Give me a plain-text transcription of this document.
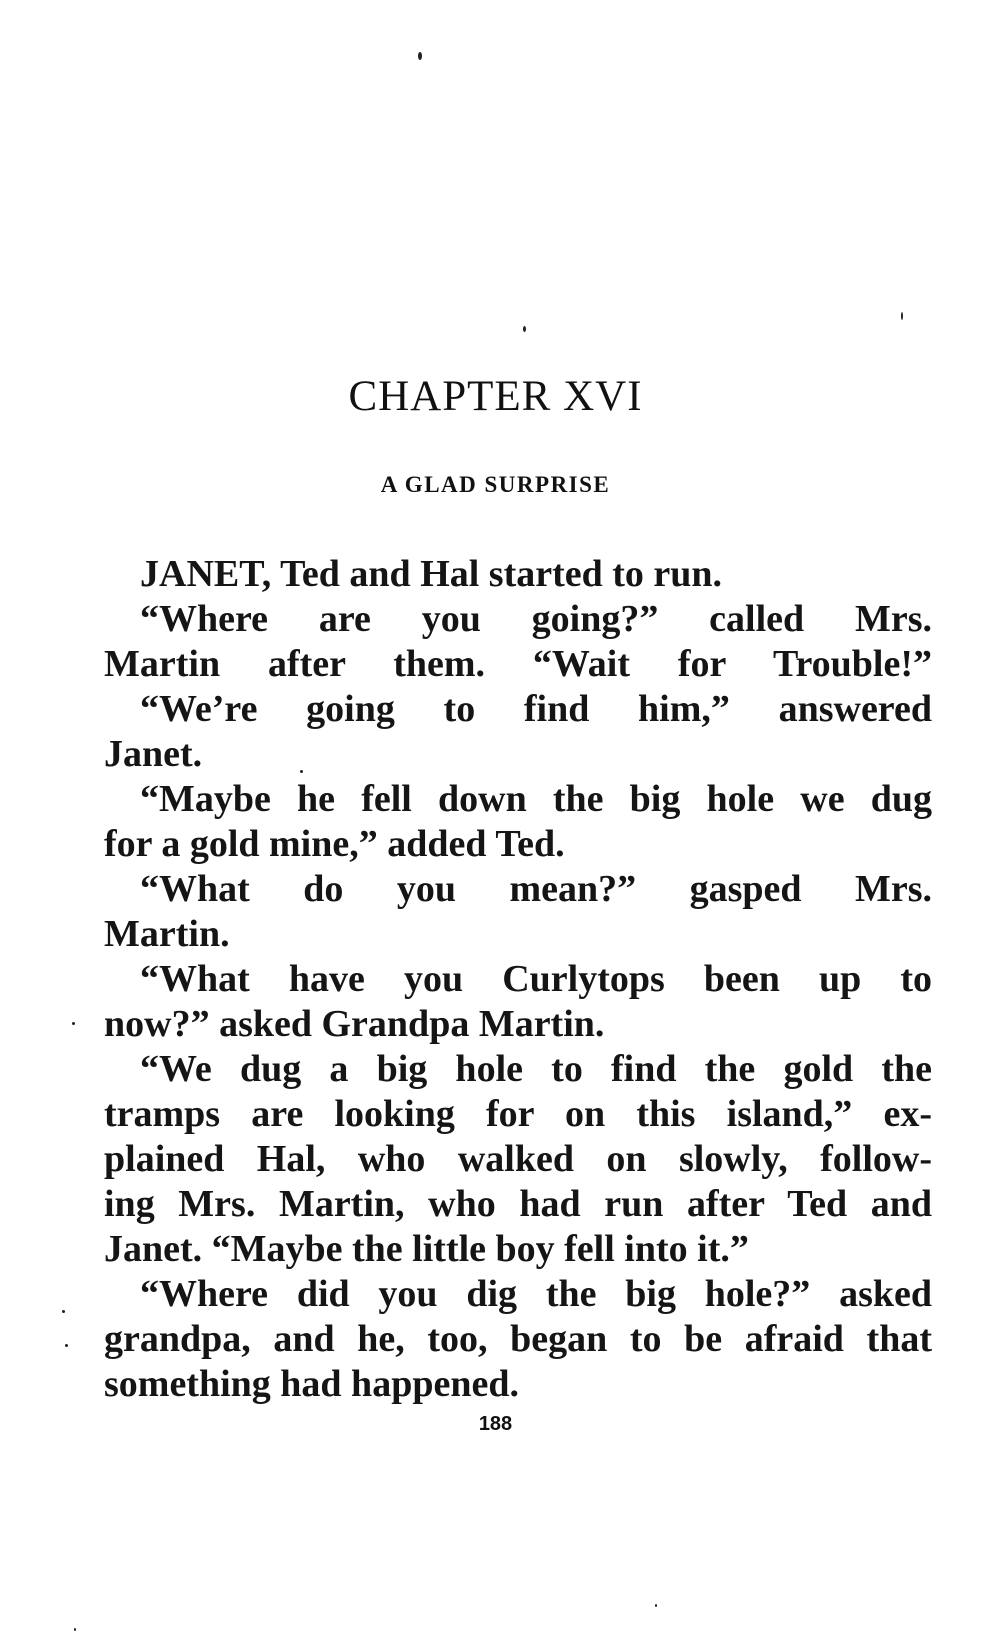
CHAPTER XVI
A GLAD SURPRISE
JANET, Ted and Hal started to run.
“Where are you going?” called Mrs.
Martin after them. “Wait for Trouble!”
“We’re going to find him,” answered
Janet.
“Maybe he fell down the big hole we dug
for a gold mine,” added Ted.
“What do you mean?” gasped Mrs.
Martin.
“What have you Curlytops been up to
now?” asked Grandpa Martin.
“We dug a big hole to find the gold the
tramps are looking for on this island,” ex-
plained Hal, who walked on slowly, follow-
ing Mrs. Martin, who had run after Ted and
Janet. “Maybe the little boy fell into it.”
“Where did you dig the big hole?” asked
grandpa, and he, too, began to be afraid that
something had happened.
188
